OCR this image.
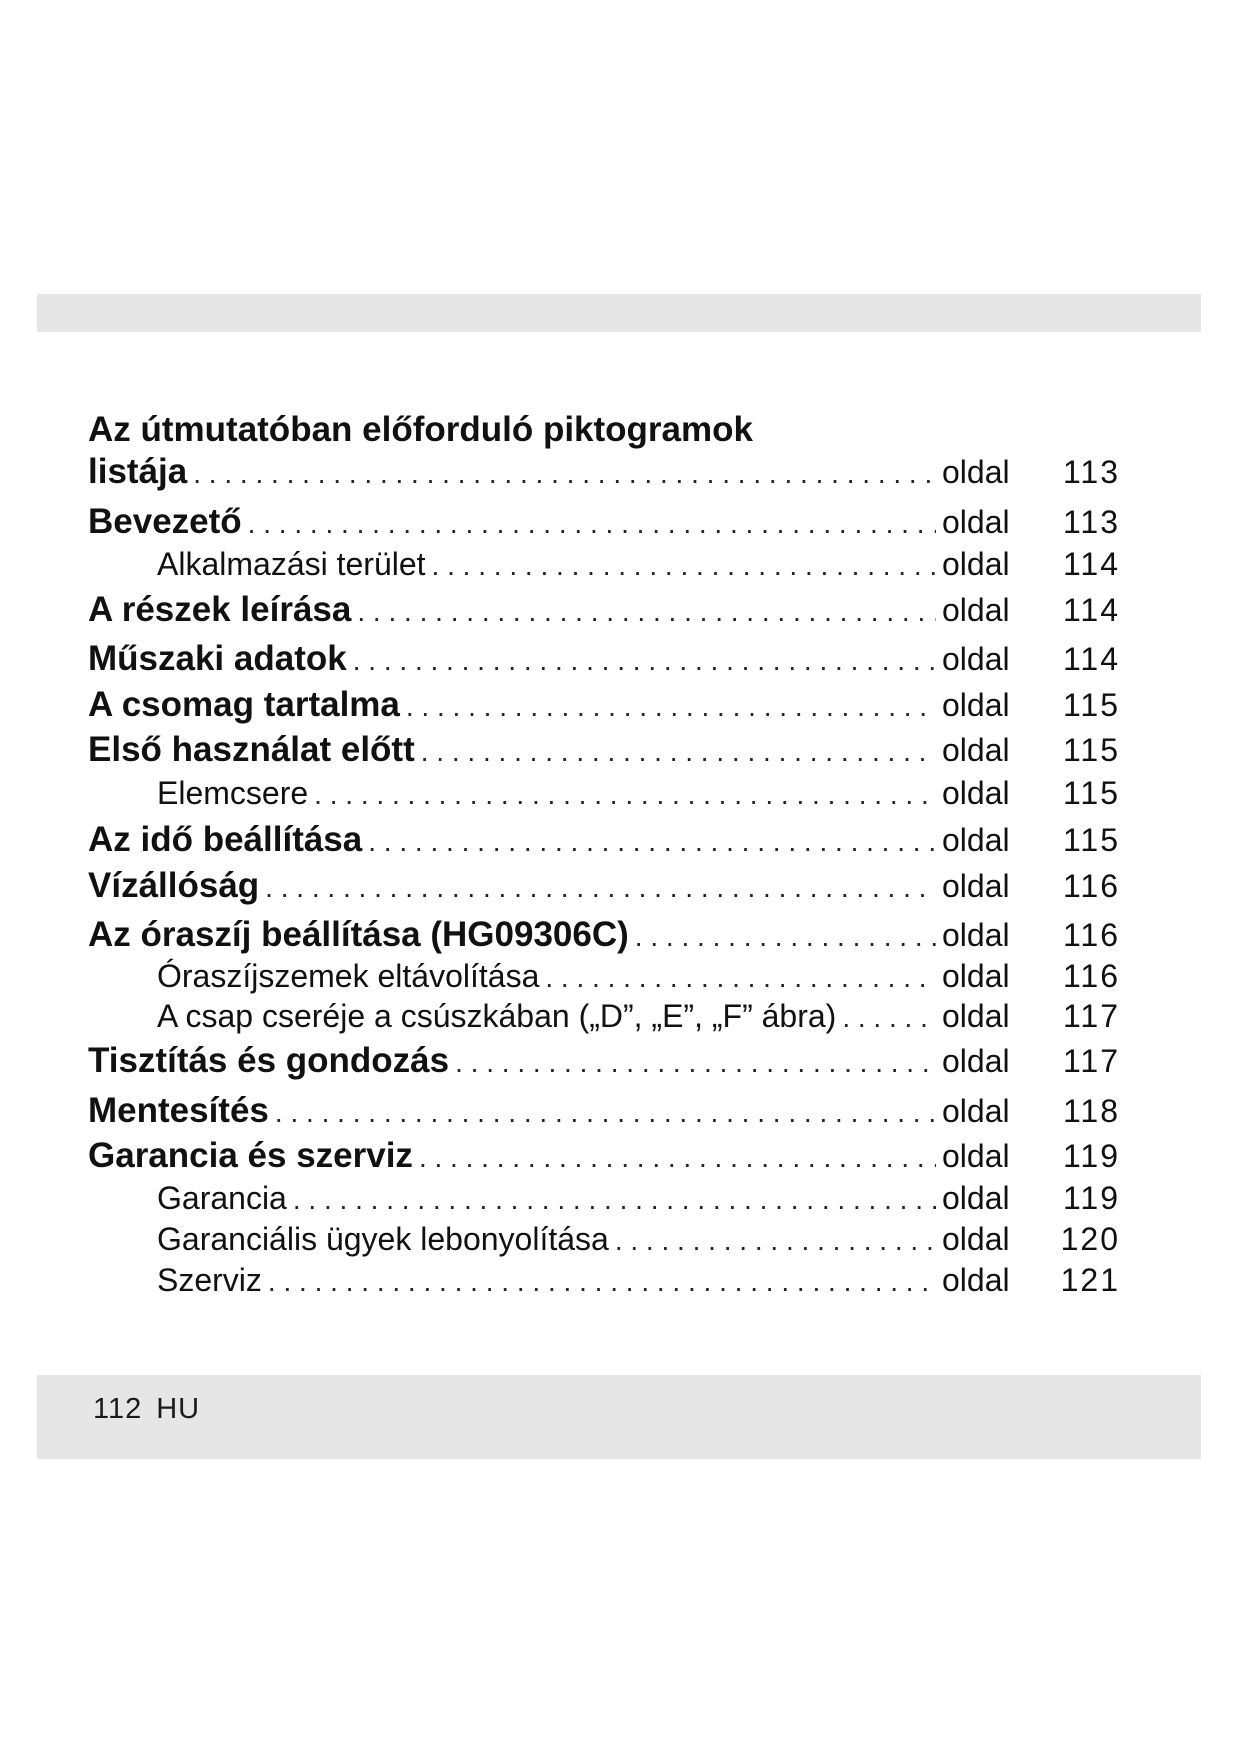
Az útmutatóban előforduló piktogramok
listája . . .	oldal	113
Bevezető . . .	oldal	113
Alkalmazási terület . . .	oldal	114
A részek leírása . . .	oldal	114
Műszaki adatok . . .	oldal	114
A csomag tartalma . . .	oldal	115
Első használat előtt . . .	oldal	115
Elemcsere . . .	oldal	115
Az idő beállítása . . .	oldal	115
Vízállóság . . .	oldal	116
Az óraszíj beállítása (HG09306C) . . .	oldal	116
Óraszíjszemek eltávolítása . . .	oldal	116
A csap cseréje a csúszkában („D”, „E”, „F” ábra) . . .	oldal	117
Tisztítás és gondozás . . .	oldal	117
Mentesítés . . .	oldal	118
Garancia és szerviz . . .	oldal	119
Garancia . . .	oldal	119
Garanciális ügyek lebonyolítása . . .	oldal	120
Szerviz . . .	oldal	121
112 HU
